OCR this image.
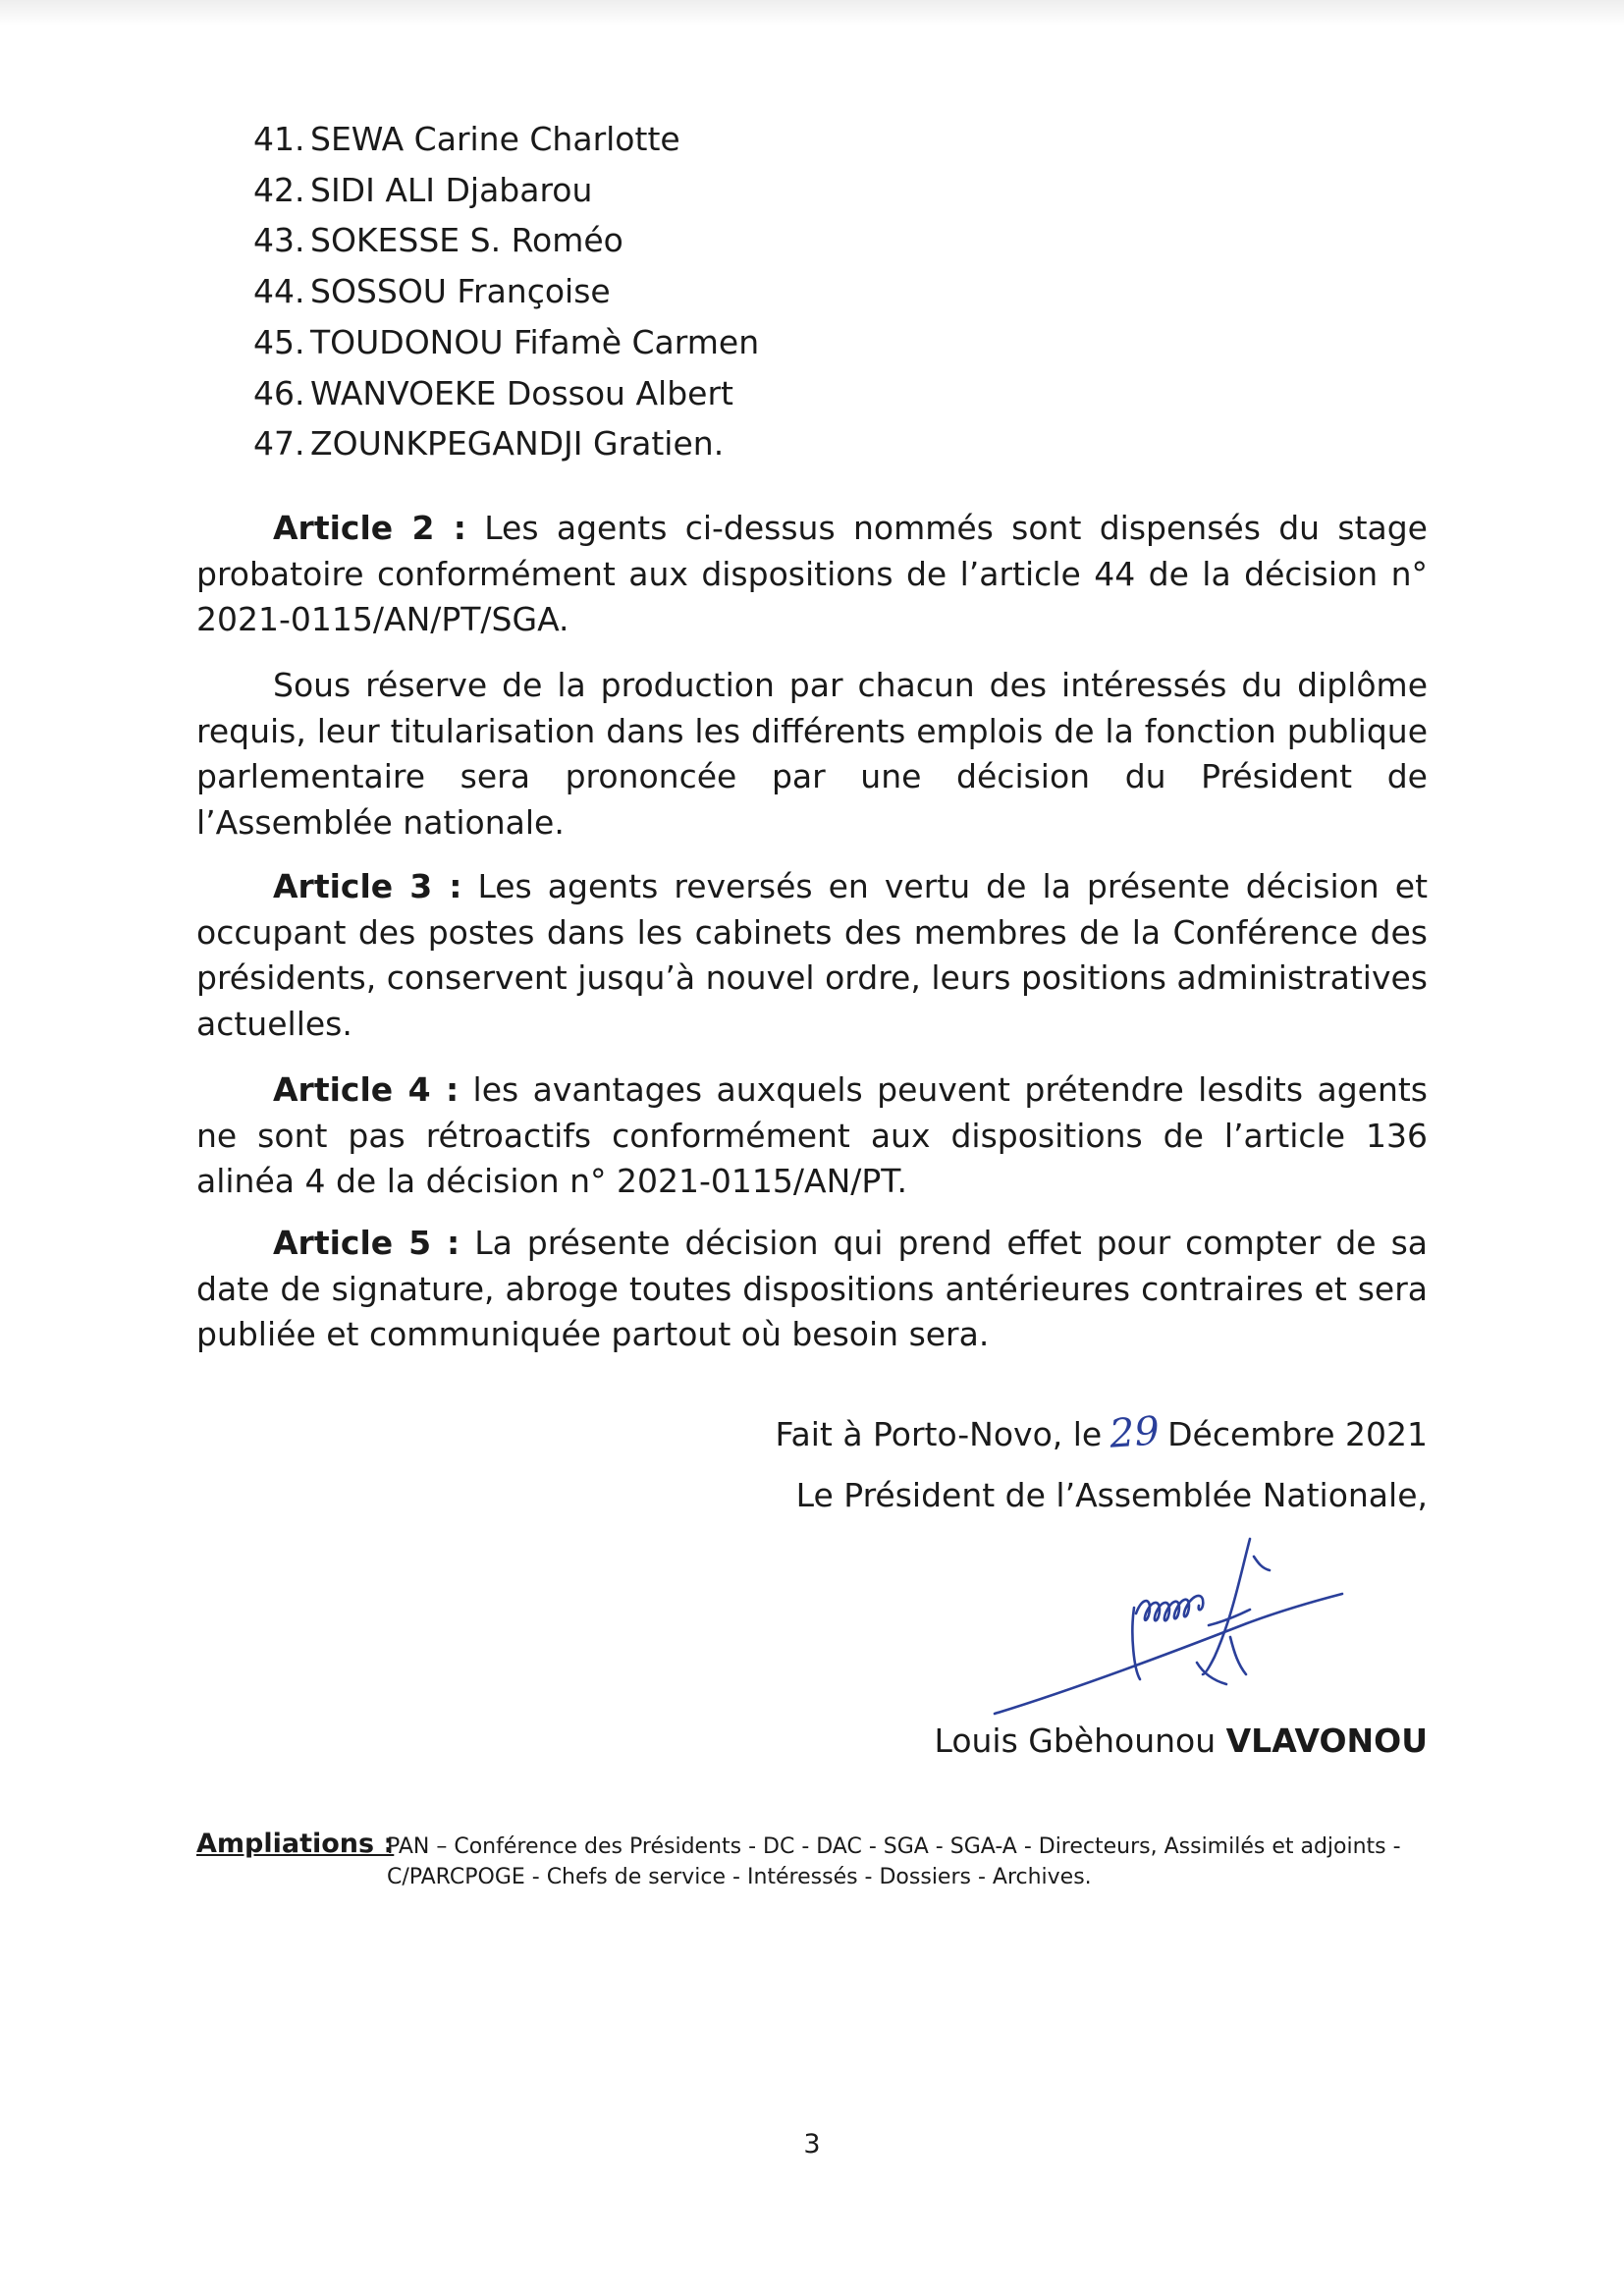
41. SEWA Carine Charlotte
42. SIDI ALI Djabarou
43. SOKESSE S. Roméo
44. SOSSOU Françoise
45. TOUDONOU Fifamè Carmen
46. WANVOEKE Dossou Albert
47. ZOUNKPEGANDJI Gratien.

Article 2 : Les agents ci-dessus nommés sont dispensés du stage probatoire conformément aux dispositions de l’article 44 de la décision n° 2021-0115/AN/PT/SGA.

Sous réserve de la production par chacun des intéressés du diplôme requis, leur titularisation dans les différents emplois de la fonction publique parlementaire sera prononcée par une décision du Président de l’Assemblée nationale.

Article 3 : Les agents reversés en vertu de la présente décision et occupant des postes dans les cabinets des membres de la Conférence des présidents, conservent jusqu’à nouvel ordre, leurs positions administratives actuelles.

Article 4 : les avantages auxquels peuvent prétendre lesdits agents ne sont pas rétroactifs conformément aux dispositions de l’article 136 alinéa 4 de la décision n° 2021-0115/AN/PT.

Article 5 : La présente décision qui prend effet pour compter de sa date de signature, abroge toutes dispositions antérieures contraires et sera publiée et communiquée partout où besoin sera.

Fait à Porto-Novo, le 29 Décembre 2021
Le Président de l’Assemblée Nationale,
Louis Gbèhounou VLAVONOU
Ampliations :
PAN – Conférence des Présidents - DC - DAC - SGA - SGA-A - Directeurs, Assimilés et adjoints - C/PARCPOGE - Chefs de service - Intéressés - Dossiers - Archives.
3
